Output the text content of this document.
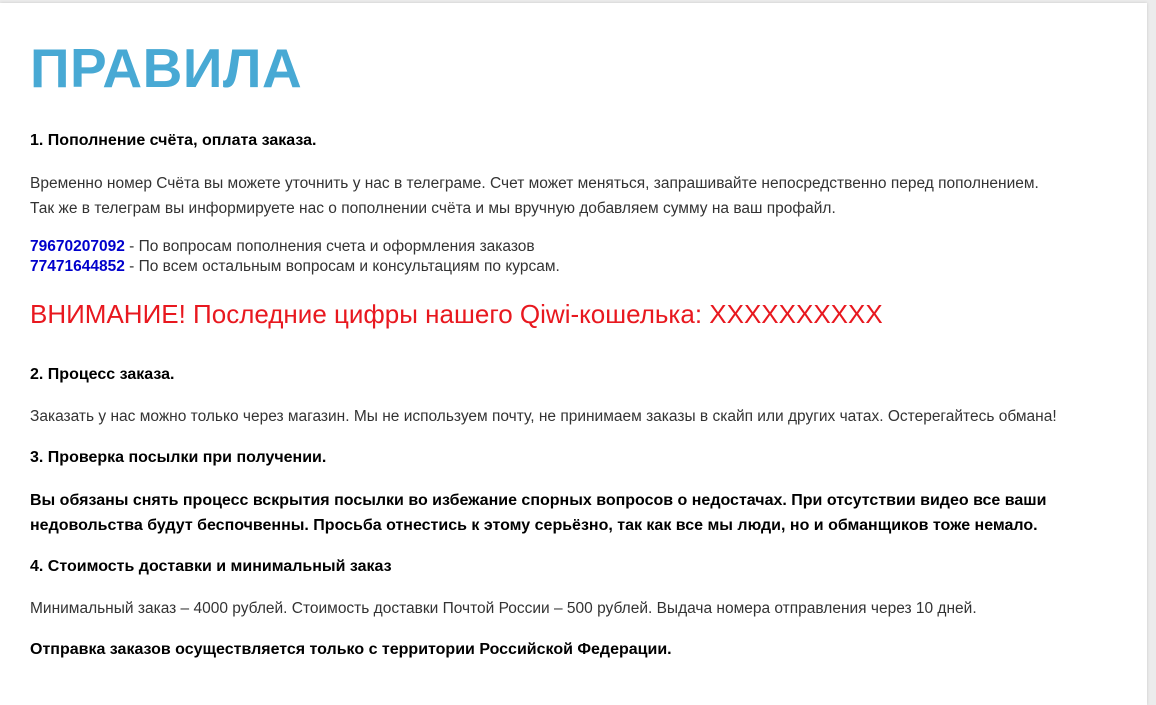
ПРАВИЛА

1. Пополнение счёта, оплата заказа.

Временно номер Счёта вы можете уточнить у нас в телеграме. Счет может меняться, запрашивайте непосредственно перед пополнением.

Так же в телеграм вы информируете нас о пополнении счёта и мы вручную добавляем сумму на ваш профайл.

79670207092 - По вопросам пополнения счета и оформления заказов

77471644852 - По всем остальным вопросам и консультациям по курсам.

ВНИМАНИЕ! Последние цифры нашего Qiwi-кошелька: XXXXXXXXXX

2. Процесс заказа.

Заказать у нас можно только через магазин. Мы не используем почту, не принимаем заказы в скайп или других чатах. Остерегайтесь обмана!

3. Проверка посылки при получении.

Вы обязаны снять процесс вскрытия посылки во избежание спорных вопросов о недостачах. При отсутствии видео все ваши

недовольства будут беспочвенны. Просьба отнестись к этому серьёзно, так как все мы люди, но и обманщиков тоже немало.

4. Стоимость доставки и минимальный заказ

Минимальный заказ – 4000 рублей. Стоимость доставки Почтой России – 500 рублей. Выдача номера отправления через 10 дней.

Отправка заказов осуществляется только с территории Российской Федерации.
